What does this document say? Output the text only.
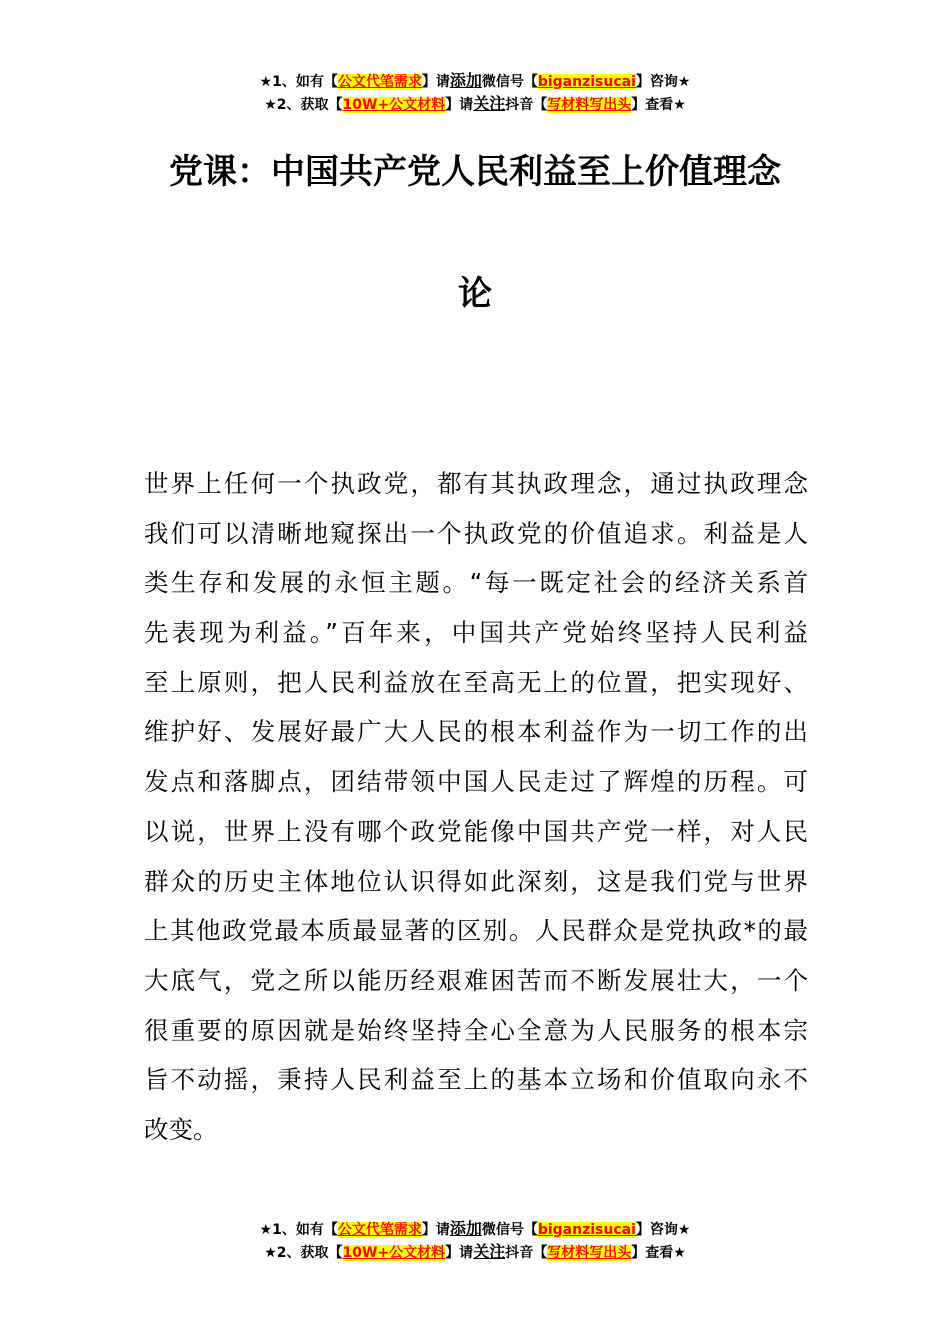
★1、如有【公文代笔需求】请添加微信号【biganzisucai】咨询★
★2、获取【10W+公文材料】请关注抖音【写材料写出头】查看★
党课：中国共产党人民利益至上价值理念
论
世界上任何一个执政党，都有其执政理念，通过执政理念
我们可以清晰地窥探出一个执政党的价值追求。利益是人
类生存和发展的永恒主题。“每一既定社会的经济关系首
先表现为利益。”百年来，中国共产党始终坚持人民利益
至上原则，把人民利益放在至高无上的位置，把实现好、
维护好、发展好最广大人民的根本利益作为一切工作的出
发点和落脚点，团结带领中国人民走过了辉煌的历程。可
以说，世界上没有哪个政党能像中国共产党一样，对人民
群众的历史主体地位认识得如此深刻，这是我们党与世界
上其他政党最本质最显著的区别。人民群众是党执政*的最
大底气，党之所以能历经艰难困苦而不断发展壮大，一个
很重要的原因就是始终坚持全心全意为人民服务的根本宗
旨不动摇，秉持人民利益至上的基本立场和价值取向永不
改变。
★1、如有【公文代笔需求】请添加微信号【biganzisucai】咨询★
★2、获取【10W+公文材料】请关注抖音【写材料写出头】查看★
